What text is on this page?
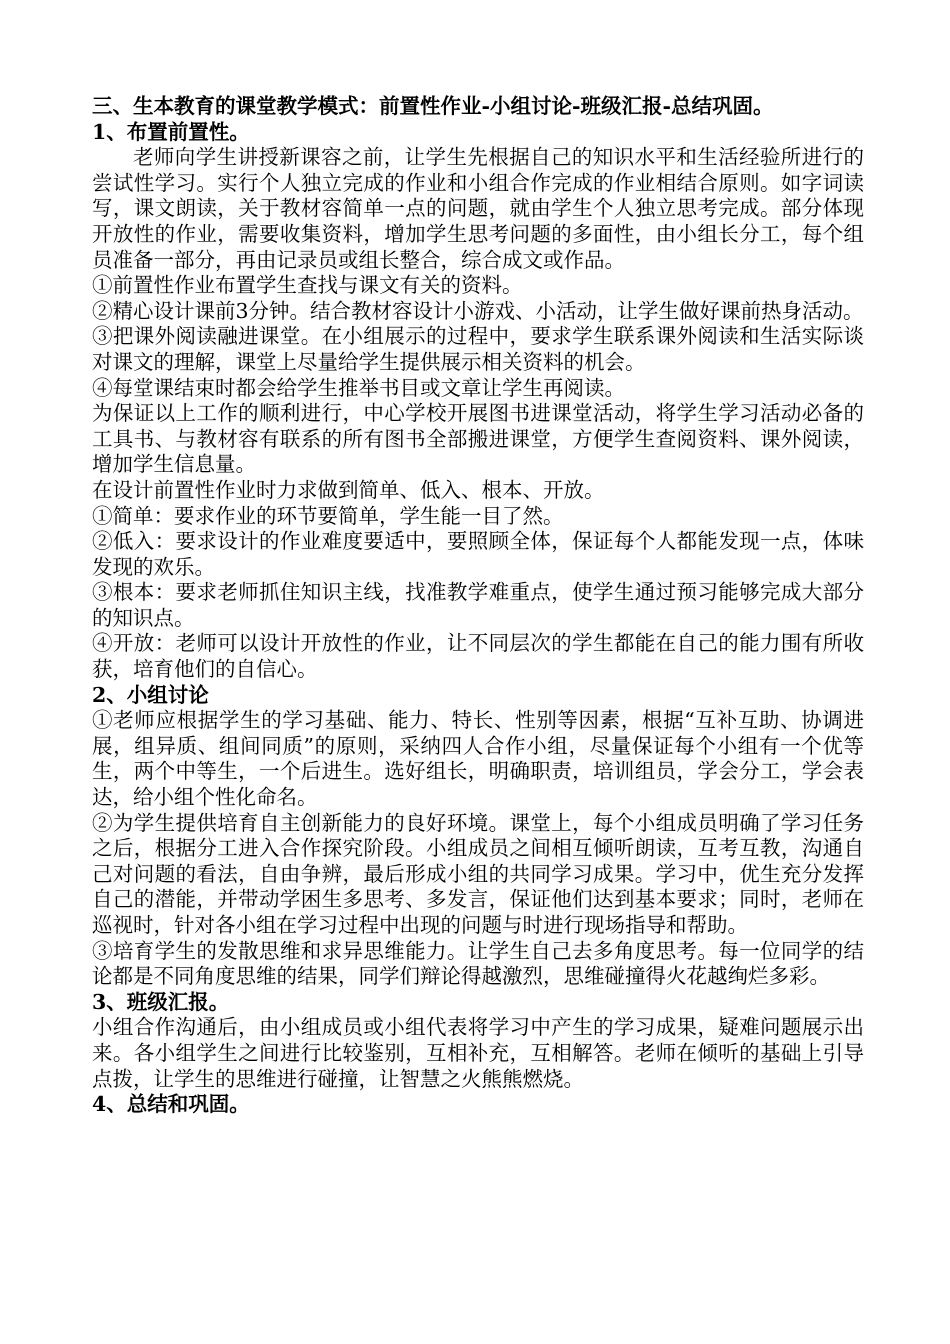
三、生本教育的课堂教学模式：前置性作业-小组讨论-班级汇报-总结巩固。

1、布置前置性。

老师向学生讲授新课容之前，让学生先根据自己的知识水平和生活经验所进行的尝试性学习。实行个人独立完成的作业和小组合作完成的作业相结合原则。如字词读写，课文朗读，关于教材容简单一点的问题，就由学生个人独立思考完成。部分体现开放性的作业，需要收集资料，增加学生思考问题的多面性，由小组长分工，每个组员准备一部分，再由记录员或组长整合，综合成文或作品。

①前置性作业布置学生查找与课文有关的资料。

②精心设计课前3分钟。结合教材容设计小游戏、小活动，让学生做好课前热身活动。

③把课外阅读融进课堂。在小组展示的过程中，要求学生联系课外阅读和生活实际谈对课文的理解，课堂上尽量给学生提供展示相关资料的机会。

④每堂课结束时都会给学生推举书目或文章让学生再阅读。

为保证以上工作的顺利进行，中心学校开展图书进课堂活动，将学生学习活动必备的工具书、与教材容有联系的所有图书全部搬进课堂，方便学生查阅资料、课外阅读，增加学生信息量。

在设计前置性作业时力求做到简单、低入、根本、开放。

①简单：要求作业的环节要简单，学生能一目了然。

②低入：要求设计的作业难度要适中，要照顾全体，保证每个人都能发现一点，体味发现的欢乐。

③根本：要求老师抓住知识主线，找准教学难重点，使学生通过预习能够完成大部分的知识点。

④开放：老师可以设计开放性的作业，让不同层次的学生都能在自己的能力围有所收获，培育他们的自信心。

2、小组讨论

①老师应根据学生的学习基础、能力、特长、性别等因素，根据“互补互助、协调进展，组异质、组间同质”的原则，采纳四人合作小组，尽量保证每个小组有一个优等生，两个中等生，一个后进生。选好组长，明确职责，培训组员，学会分工，学会表达，给小组个性化命名。

②为学生提供培育自主创新能力的良好环境。课堂上，每个小组成员明确了学习任务之后，根据分工进入合作探究阶段。小组成员之间相互倾听朗读，互考互教，沟通自己对问题的看法，自由争辨，最后形成小组的共同学习成果。学习中，优生充分发挥自己的潜能，并带动学困生多思考、多发言，保证他们达到基本要求；同时，老师在巡视时，针对各小组在学习过程中出现的问题与时进行现场指导和帮助。

③培育学生的发散思维和求异思维能力。让学生自己去多角度思考。每一位同学的结论都是不同角度思维的结果，同学们辩论得越激烈，思维碰撞得火花越绚烂多彩。

3、班级汇报。

小组合作沟通后，由小组成员或小组代表将学习中产生的学习成果，疑难问题展示出来。各小组学生之间进行比较鉴别，互相补充，互相解答。老师在倾听的基础上引导点拨，让学生的思维进行碰撞，让智慧之火熊熊燃烧。

4、总结和巩固。
